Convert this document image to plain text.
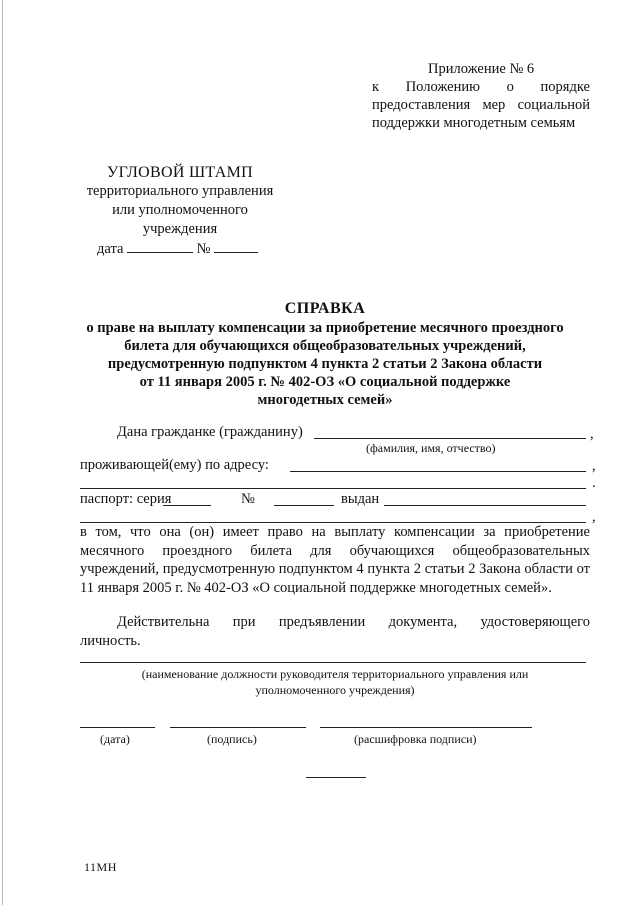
Приложение № 6
к Положению о порядке
предоставления мер социальной
поддержки многодетным семьям
УГЛОВОЙ ШТАМП
территориального управления
или уполномоченного
учреждения
дата	№
СПРАВКА
о праве на выплату компенсации за приобретение месячного проездного
билета для обучающихся общеобразовательных учреждений,
предусмотренную подпунктом 4 пункта 2 статьи 2 Закона области
от 11 января 2005 г. № 402-ОЗ «О социальной поддержке
многодетных семей»
Дана гражданке (гражданину)	,
(фамилия, имя, отчество)
проживающей(ему) по адресу:	,
.
паспорт: серия	№	выдан
,
в том, что она (он) имеет право на выплату компенсации за приобретение месячного проездного билета для обучающихся общеобразовательных учреждений, предусмотренную подпунктом 4 пункта 2 статьи 2 Закона области от 11 января 2005 г. № 402-ОЗ «О социальной поддержке многодетных семей».
Действительна при предъявлении документа, удостоверяющего
личность.
(наименование должности руководителя территориального управления или
уполномоченного учреждения)
(дата)	(подпись)	(расшифровка подписи)
11МН
